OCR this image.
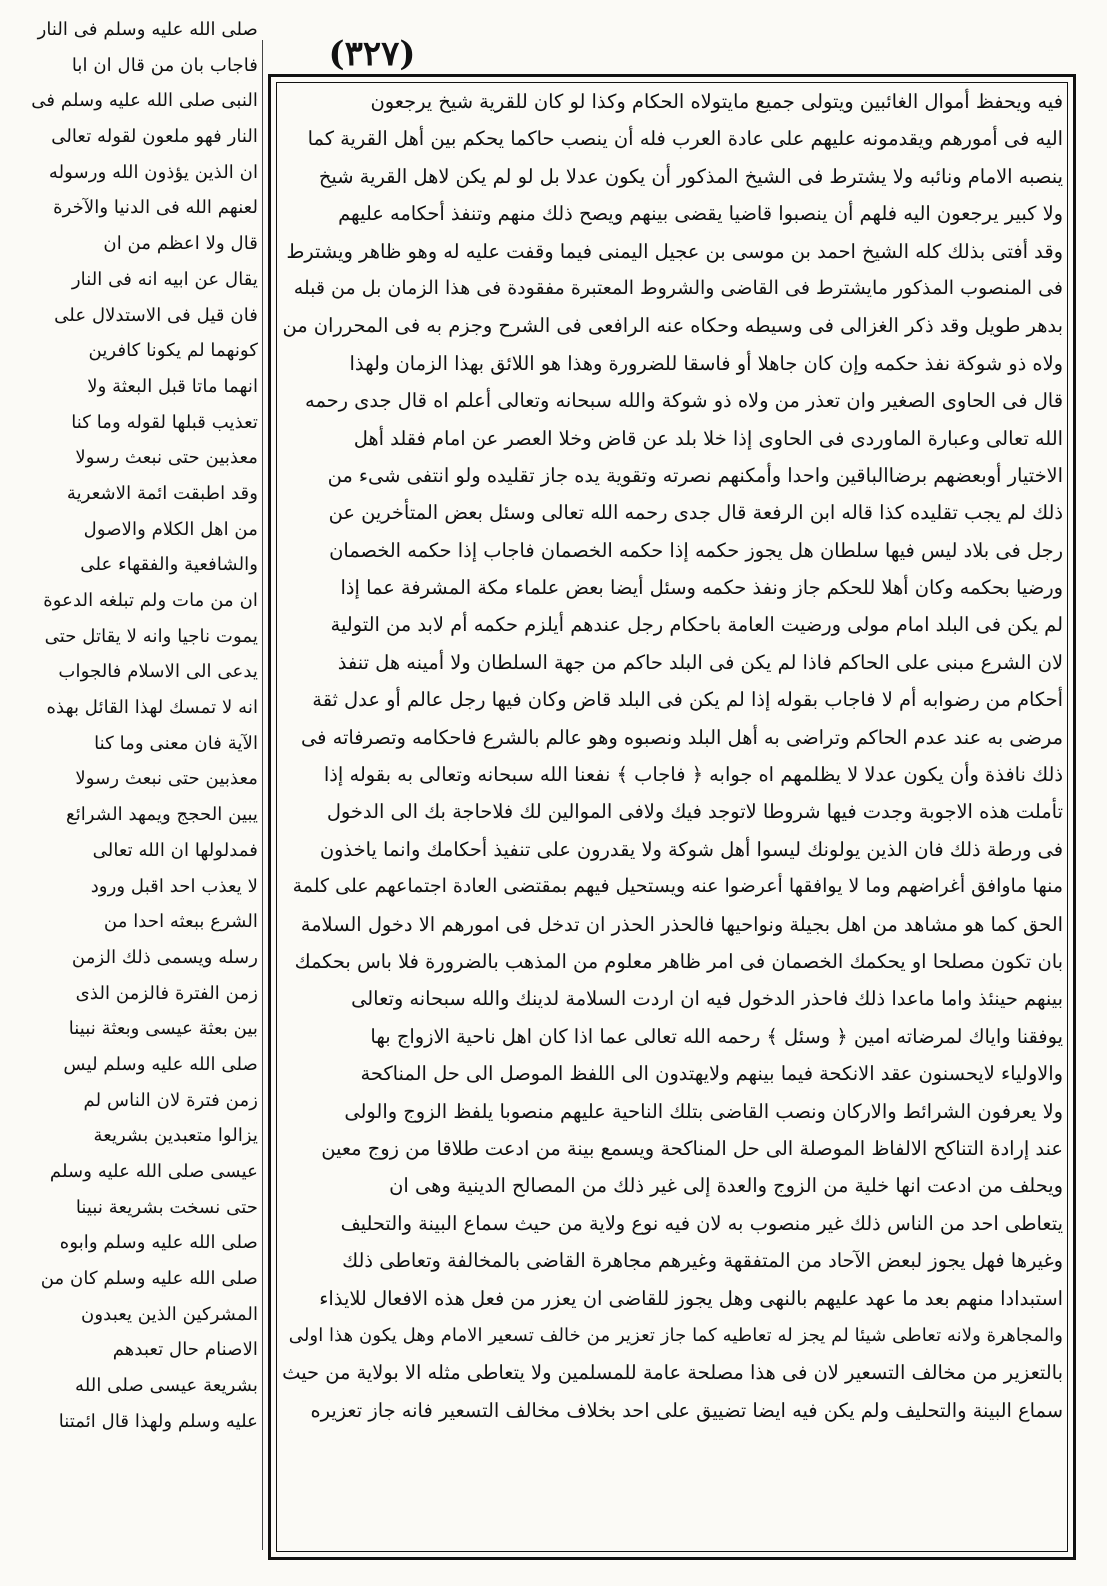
(٣٢٧)
صلى الله عليه وسلم فى النار
فاجاب بان من قال ان ابا
النبى صلى الله عليه وسلم فى
النار فهو ملعون لقوله تعالى
ان الذين يؤذون الله ورسوله
لعنهم الله فى الدنيا والآخرة
قال ولا اعظم من ان
يقال عن ابيه انه فى النار
فان قيل فى الاستدلال على
كونهما لم يكونا كافرين
انهما ماتا قبل البعثة ولا
تعذيب قبلها لقوله وما كنا
معذبين حتى نبعث رسولا
وقد اطبقت ائمة الاشعرية
من اهل الكلام والاصول
والشافعية والفقهاء على
ان من مات ولم تبلغه الدعوة
يموت ناجيا وانه لا يقاتل حتى
يدعى الى الاسلام فالجواب
انه لا تمسك لهذا القائل بهذه
الآية فان معنى وما كنا
معذبين حتى نبعث رسولا
يبين الحجج ويمهد الشرائع
فمدلولها ان الله تعالى
لا يعذب احد اقبل ورود
الشرع ببعثه احدا من
رسله ويسمى ذلك الزمن
زمن الفترة فالزمن الذى
بين بعثة عيسى وبعثة نبينا
صلى الله عليه وسلم ليس
زمن فترة لان الناس لم
يزالوا متعبدين بشريعة
عيسى صلى الله عليه وسلم
حتى نسخت بشريعة نبينا
صلى الله عليه وسلم وابوه
صلى الله عليه وسلم كان من
المشركين الذين يعبدون
الاصنام حال تعبدهم
بشريعة عيسى صلى الله
عليه وسلم ولهذا قال ائمتنا
فيه ويحفظ أموال الغائبين ويتولى جميع مايتولاه الحكام وكذا لو كان للقرية شيخ يرجعون
اليه فى أمورهم ويقدمونه عليهم على عادة العرب فله أن ينصب حاكما يحكم بين أهل القرية كما
ينصبه الامام ونائبه ولا يشترط فى الشيخ المذكور أن يكون عدلا بل لو لم يكن لاهل القرية شيخ
ولا كبير يرجعون اليه فلهم أن ينصبوا قاضيا يقضى بينهم ويصح ذلك منهم وتنفذ أحكامه عليهم
وقد أفتى بذلك كله الشيخ احمد بن موسى بن عجيل اليمنى فيما وقفت عليه له وهو ظاهر ويشترط
فى المنصوب المذكور مايشترط فى القاضى والشروط المعتبرة مفقودة فى هذا الزمان بل من قبله
بدهر طويل وقد ذكر الغزالى فى وسيطه وحكاه عنه الرافعى فى الشرح وجزم به فى المحرران من
ولاه ذو شوكة نفذ حكمه وإن كان جاهلا أو فاسقا للضرورة وهذا هو اللائق بهذا الزمان ولهذا
قال فى الحاوى الصغير وان تعذر من ولاه ذو شوكة والله سبحانه وتعالى أعلم اه قال جدى رحمه
الله تعالى وعبارة الماوردى فى الحاوى إذا خلا بلد عن قاض وخلا العصر عن امام فقلد أهل
الاختيار أوبعضهم برضاالباقين واحدا وأمكنهم نصرته وتقوية يده جاز تقليده ولو انتفى شىء من
ذلك لم يجب تقليده كذا قاله ابن الرفعة قال جدى رحمه الله تعالى وسئل بعض المتأخرين عن
رجل فى بلاد ليس فيها سلطان هل يجوز حكمه إذا حكمه الخصمان فاجاب إذا حكمه الخصمان
ورضيا بحكمه وكان أهلا للحكم جاز ونفذ حكمه وسئل أيضا بعض علماء مكة المشرفة عما إذا
لم يكن فى البلد امام مولى ورضيت العامة باحكام رجل عندهم أيلزم حكمه أم لابد من التولية
لان الشرع مبنى على الحاكم فاذا لم يكن فى البلد حاكم من جهة السلطان ولا أمينه هل تنفذ
أحكام من رضوابه أم لا فاجاب بقوله إذا لم يكن فى البلد قاض وكان فيها رجل عالم أو عدل ثقة
مرضى به عند عدم الحاكم وتراضى به أهل البلد ونصبوه وهو عالم بالشرع فاحكامه وتصرفاته فى
ذلك نافذة وأن يكون عدلا لا يظلمهم اه جوابه ﴿ فاجاب ﴾ نفعنا الله سبحانه وتعالى به بقوله إذا
تأملت هذه الاجوبة وجدت فيها شروطا لاتوجد فيك ولافى الموالين لك فلاحاجة بك الى الدخول
فى ورطة ذلك فان الذين يولونك ليسوا أهل شوكة ولا يقدرون على تنفيذ أحكامك وانما ياخذون
منها ماوافق أغراضهم وما لا يوافقها أعرضوا عنه ويستحيل فيهم بمقتضى العادة اجتماعهم على كلمة
الحق كما هو مشاهد من اهل بجيلة ونواحيها فالحذر الحذر ان تدخل فى امورهم الا دخول السلامة
بان تكون مصلحا او يحكمك الخصمان فى امر ظاهر معلوم من المذهب بالضرورة فلا باس بحكمك
بينهم حينئذ واما ماعدا ذلك فاحذر الدخول فيه ان اردت السلامة لدينك والله سبحانه وتعالى
يوفقنا واياك لمرضاته امين ﴿ وسئل ﴾ رحمه الله تعالى عما اذا كان اهل ناحية الازواج بها
والاولياء لايحسنون عقد الانكحة فيما بينهم ولايهتدون الى اللفظ الموصل الى حل المناكحة
ولا يعرفون الشرائط والاركان ونصب القاضى بتلك الناحية عليهم منصوبا يلفظ الزوج والولى
عند إرادة التناكح الالفاظ الموصلة الى حل المناكحة ويسمع بينة من ادعت طلاقا من زوج معين
ويحلف من ادعت انها خلية من الزوج والعدة إلى غير ذلك من المصالح الدينية وهى ان
يتعاطى احد من الناس ذلك غير منصوب به لان فيه نوع ولاية من حيث سماع البينة والتحليف
وغيرها فهل يجوز لبعض الآحاد من المتفقهة وغيرهم مجاهرة القاضى بالمخالفة وتعاطى ذلك
استبدادا منهم بعد ما عهد عليهم بالنهى وهل يجوز للقاضى ان يعزر من فعل هذه الافعال للايذاء
والمجاهرة ولانه تعاطى شيئا لم يجز له تعاطيه كما جاز تعزير من خالف تسعير الامام وهل يكون هذا اولى
بالتعزير من مخالف التسعير لان فى هذا مصلحة عامة للمسلمين ولا يتعاطى مثله الا بولاية من حيث
سماع البينة والتحليف ولم يكن فيه ايضا تضييق على احد بخلاف مخالف التسعير فانه جاز تعزيره
